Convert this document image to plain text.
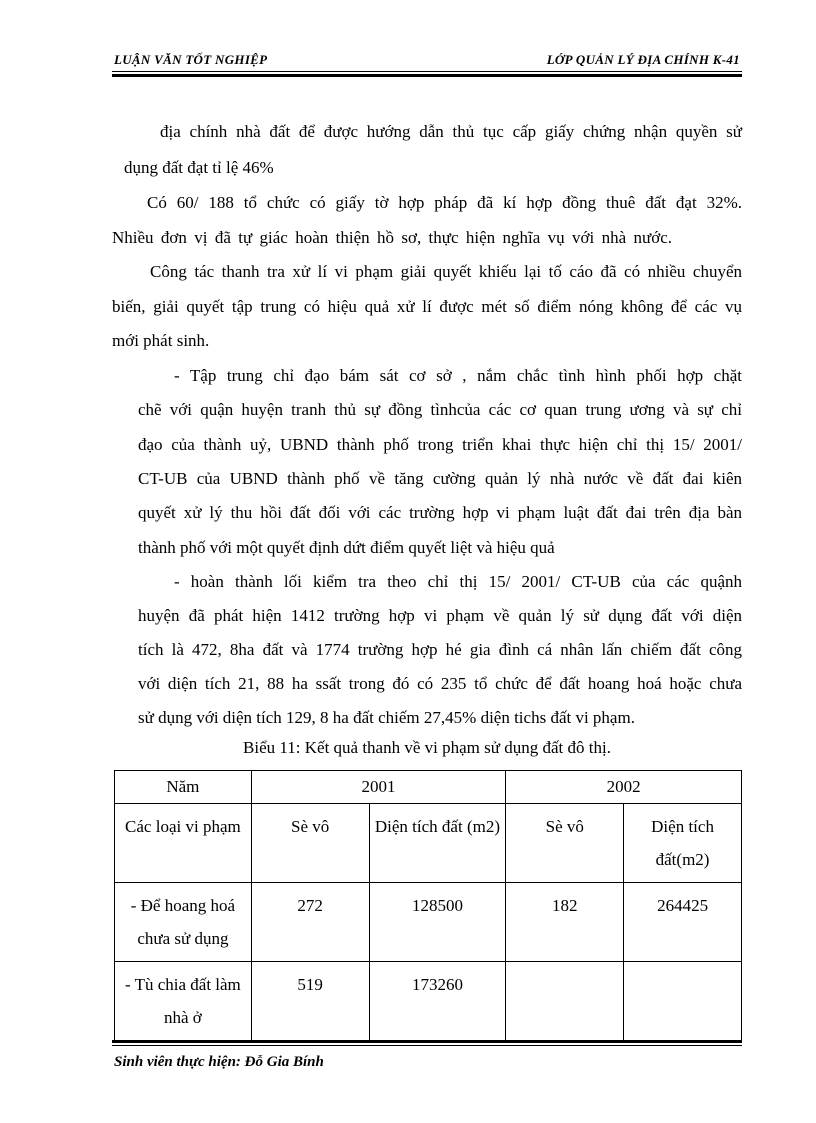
LUẬN VĂN TỐT NGHIỆP	LỚP QUẢN LÝ ĐỊA CHÍNH K-41
địa chính nhà đất để được hướng dẫn thủ tục cấp giấy chứng nhận quyền sử
dụng đất đạt tỉ lệ 46%
Có 60/ 188 tổ chức có giấy tờ hợp pháp đã kí hợp đồng thuê đất đạt 32%.
Nhiều đơn vị đã tự giác hoàn thiện hồ sơ, thực hiện nghĩa vụ với nhà nước.
Công tác thanh tra xử lí vi phạm giải quyết khiếu lại tố cáo đã có nhiều chuyển
biến, giải quyết tập trung có hiệu quả xử lí được mét số điểm nóng không để các vụ
mới phát sinh.
- Tập trung chỉ đạo bám sát cơ sở , nắm chắc tình hình phối hợp chặt
chẽ với quận huyện tranh thủ sự đồng tìnhcủa các cơ quan trung ương và sự chỉ
đạo của thành uỷ, UBND thành phố trong triển khai thực hiện chỉ thị 15/ 2001/
CT-UB của UBND thành phố về tăng cường quản lý nhà nước về đất đai kiên
quyết xử lý thu hồi đất đối với các trường hợp vi phạm luật đất đai trên địa bàn
thành phố với một quyết định dứt điểm quyết liệt và hiệu quả
- hoàn thành lối kiểm tra theo chỉ thị 15/ 2001/ CT-UB của các quậnh
huyện đã phát hiện 1412 trường hợp vi phạm về quản lý sử dụng đất với diện
tích là 472, 8ha đất và 1774 trường hợp hé gia đình cá nhân lấn chiếm đất công
với diện tích 21, 88 ha ssất trong đó có 235 tổ chức để đất hoang hoá hoặc chưa
sử dụng với diện tích 129, 8 ha đất chiếm 27,45% diện tichs đất vi phạm.
Biểu 11: Kết quả thanh về vi phạm sử dụng đất đô thị.
Năm	2001		2002	
Các loại vi phạm	Sè vô	Diện tích đất (m2)	Sè vô	Diện tích đất(m2)
- Để hoang hoá chưa sử dụng	272	128500	182	264425
- Tù chia đất làm nhà ở	519	173260		
Sinh viên thực hiện: Đỗ Gia Bính
